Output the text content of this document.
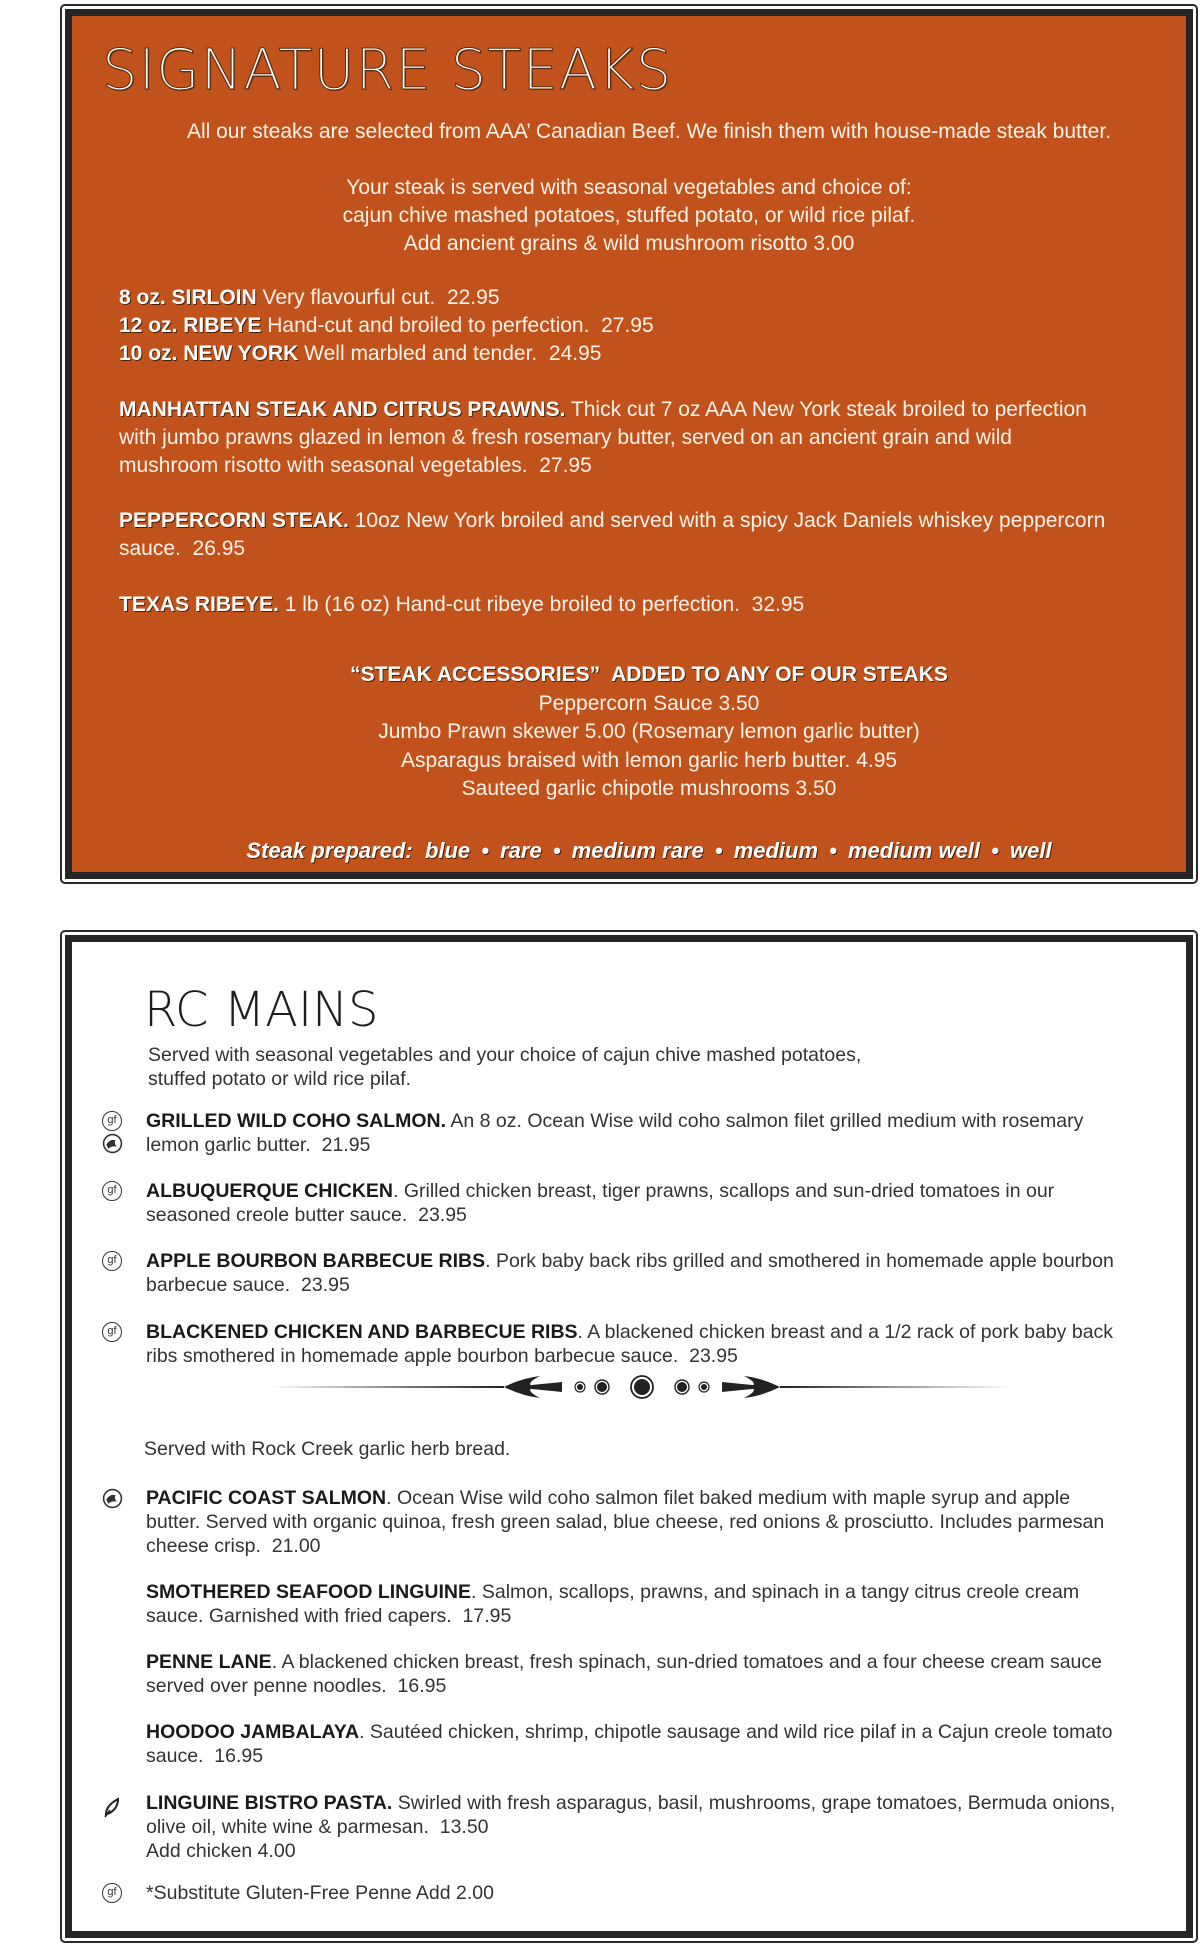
SIGNATURE STEAKS

All our steaks are selected from AAA’ Canadian Beef. We finish them with house-made steak butter.

Your steak is served with seasonal vegetables and choice of:
cajun chive mashed potatoes, stuffed potato, or wild rice pilaf.
Add ancient grains & wild mushroom risotto 3.00
8 oz. SIRLOIN Very flavourful cut. 22.95
12 oz. RIBEYE Hand-cut and broiled to perfection. 27.95
10 oz. NEW YORK Well marbled and tender. 24.95
MANHATTAN STEAK AND CITRUS PRAWNS. Thick cut 7 oz AAA New York steak broiled to perfection with jumbo prawns glazed in lemon & fresh rosemary butter, served on an ancient grain and wild mushroom risotto with seasonal vegetables. 27.95
PEPPERCORN STEAK. 10oz New York broiled and served with a spicy Jack Daniels whiskey peppercorn sauce. 26.95
TEXAS RIBEYE. 1 lb (16 oz) Hand-cut ribeye broiled to perfection. 32.95
“STEAK ACCESSORIES” ADDED TO ANY OF OUR STEAKS
Peppercorn Sauce 3.50
Jumbo Prawn skewer 5.00 (Rosemary lemon garlic butter)
Asparagus braised with lemon garlic herb butter. 4.95
Sauteed garlic chipotle mushrooms 3.50
Steak prepared: blue • rare • medium rare • medium • medium well • well
RC MAINS
Served with seasonal vegetables and your choice of cajun chive mashed potatoes,
stuffed potato or wild rice pilaf.
gf GRILLED WILD COHO SALMON. An 8 oz. Ocean Wise wild coho salmon filet grilled medium with rosemary lemon garlic butter. 21.95
gf ALBUQUERQUE CHICKEN. Grilled chicken breast, tiger prawns, scallops and sun-dried tomatoes in our seasoned creole butter sauce. 23.95
gf APPLE BOURBON BARBECUE RIBS. Pork baby back ribs grilled and smothered in homemade apple bourbon barbecue sauce. 23.95
gf BLACKENED CHICKEN AND BARBECUE RIBS. A blackened chicken breast and a 1/2 rack of pork baby back ribs smothered in homemade apple bourbon barbecue sauce. 23.95
Served with Rock Creek garlic herb bread.
PACIFIC COAST SALMON. Ocean Wise wild coho salmon filet baked medium with maple syrup and apple butter. Served with organic quinoa, fresh green salad, blue cheese, red onions & prosciutto. Includes parmesan cheese crisp. 21.00
SMOTHERED SEAFOOD LINGUINE. Salmon, scallops, prawns, and spinach in a tangy citrus creole cream sauce. Garnished with fried capers. 17.95
PENNE LANE. A blackened chicken breast, fresh spinach, sun-dried tomatoes and a four cheese cream sauce served over penne noodles. 16.95
HOODOO JAMBALAYA. Sautéed chicken, shrimp, chipotle sausage and wild rice pilaf in a Cajun creole tomato sauce. 16.95
LINGUINE BISTRO PASTA. Swirled with fresh asparagus, basil, mushrooms, grape tomatoes, Bermuda onions, olive oil, white wine & parmesan. 13.50
Add chicken 4.00
gf *Substitute Gluten-Free Penne Add 2.00
